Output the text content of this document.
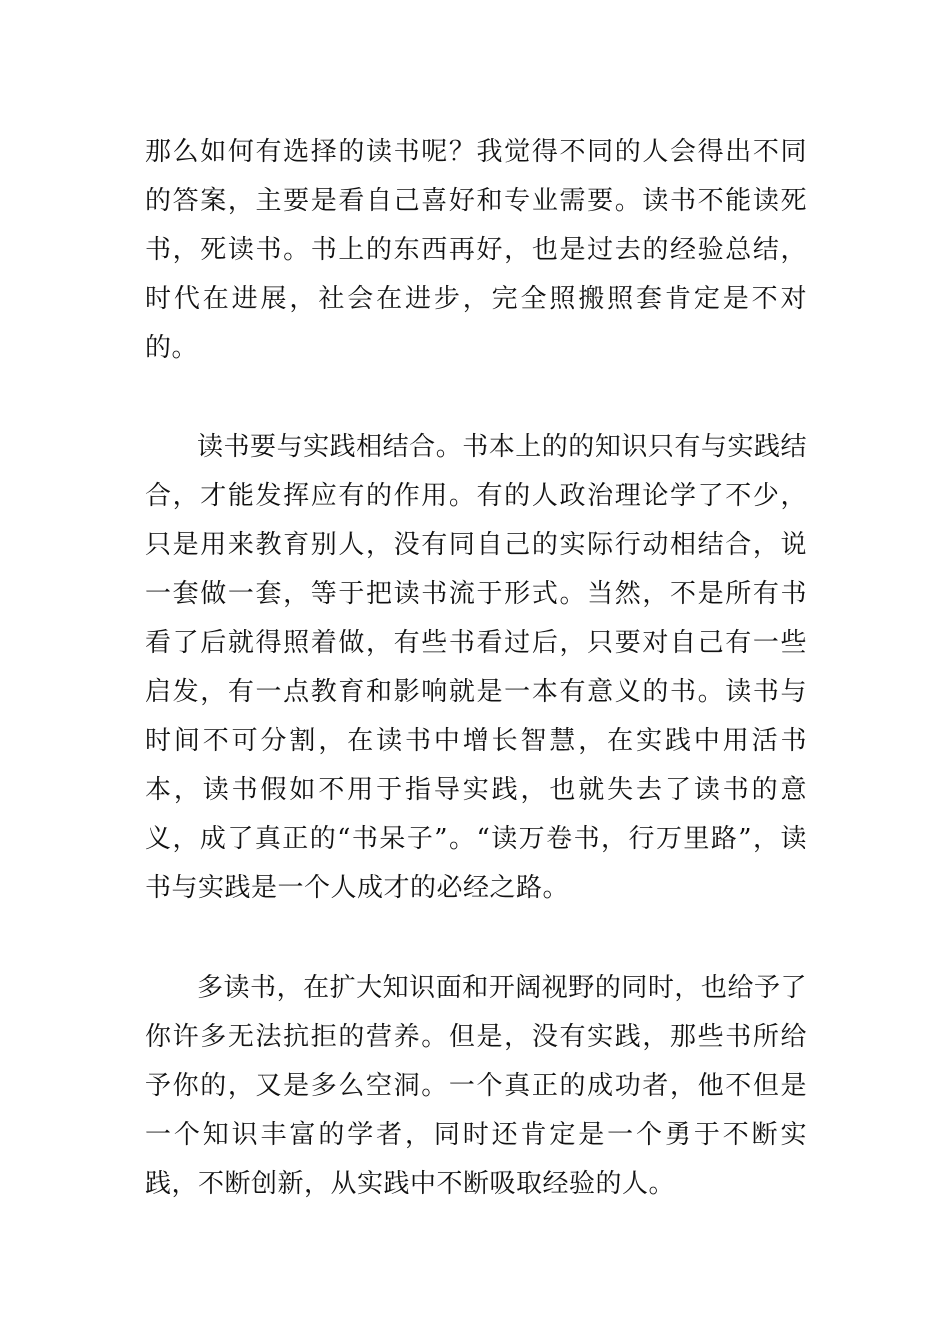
那么如何有选择的读书呢？我觉得不同的人会得出不同的答案，主要是看自己喜好和专业需要。读书不能读死书，死读书。书上的东西再好，也是过去的经验总结，时代在进展，社会在进步，完全照搬照套肯定是不对的。

读书要与实践相结合。书本上的的知识只有与实践结合，才能发挥应有的作用。有的人政治理论学了不少，只是用来教育别人，没有同自己的实际行动相结合，说一套做一套，等于把读书流于形式。当然，不是所有书看了后就得照着做，有些书看过后，只要对自己有一些启发，有一点教育和影响就是一本有意义的书。读书与时间不可分割，在读书中增长智慧，在实践中用活书本，读书假如不用于指导实践，也就失去了读书的意义，成了真正的“书呆子”。“读万卷书，行万里路”，读书与实践是一个人成才的必经之路。

多读书，在扩大知识面和开阔视野的同时，也给予了你许多无法抗拒的营养。但是，没有实践，那些书所给予你的，又是多么空洞。一个真正的成功者，他不但是一个知识丰富的学者，同时还肯定是一个勇于不断实践，不断创新，从实践中不断吸取经验的人。
